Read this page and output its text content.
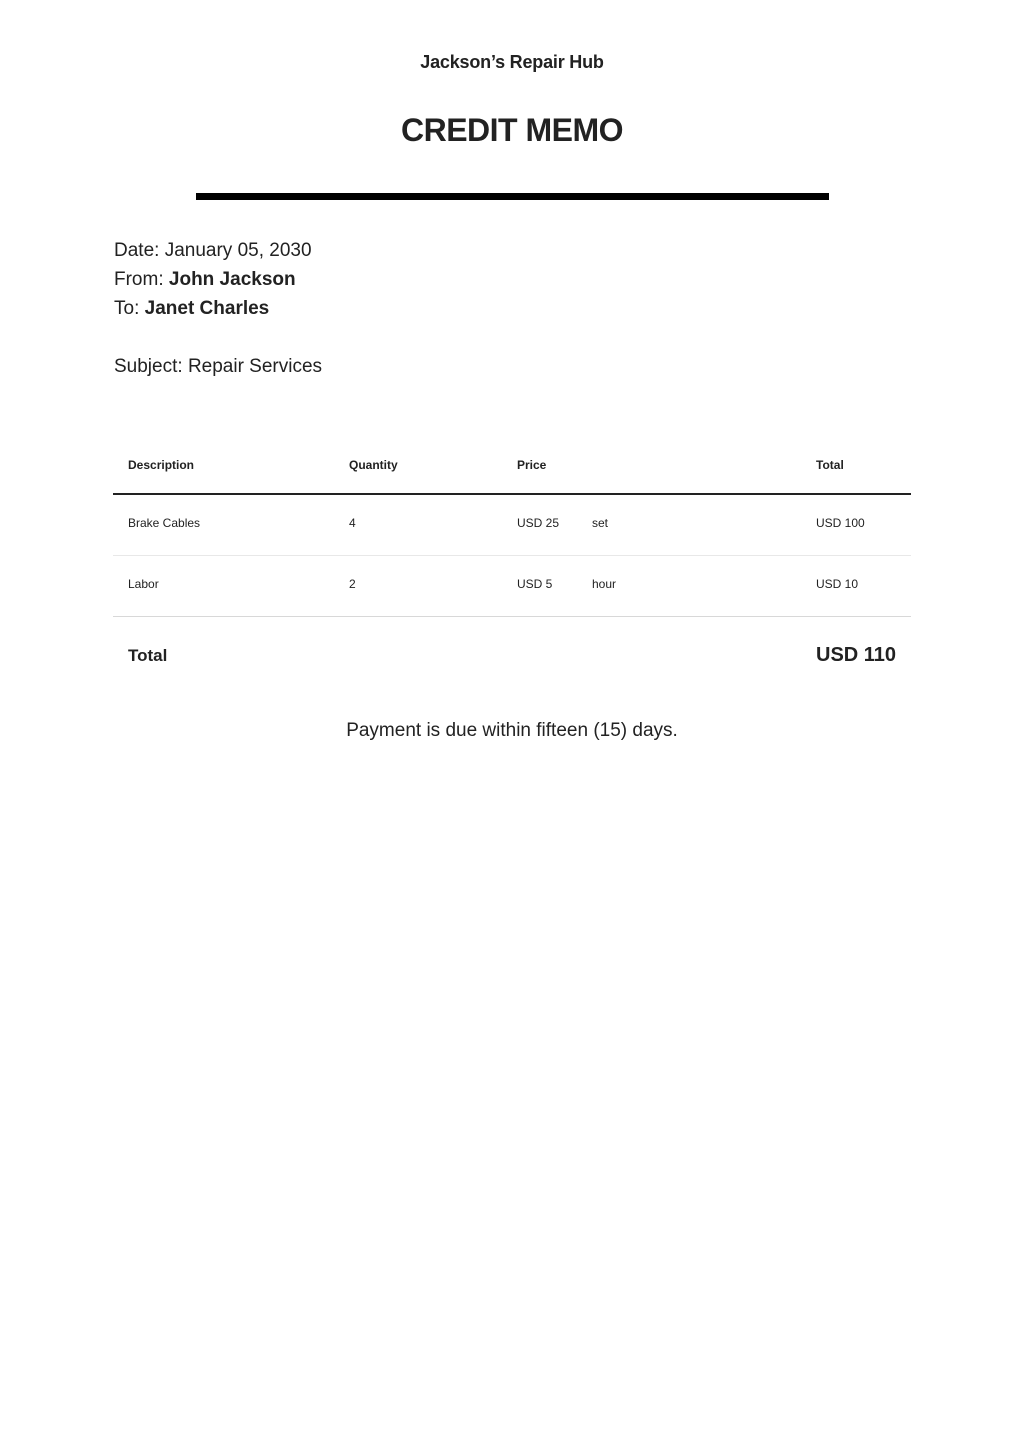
Jackson’s Repair Hub
CREDIT MEMO
Date: January 05, 2030
From: John Jackson
To: Janet Charles
Subject: Repair Services
Description	Quantity	Price	Total
Brake Cables	4	USD 25	set	USD 100
Labor	2	USD 5	hour	USD 10
Total	USD 110
Payment is due within fifteen (15) days.
